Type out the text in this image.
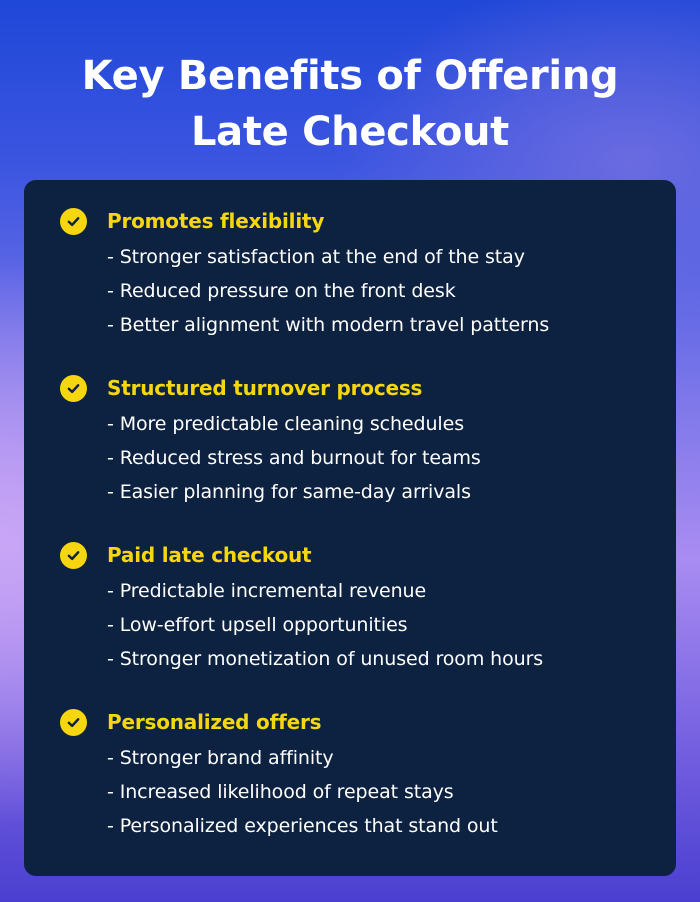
Key Benefits of Offering
Late Checkout
Promotes flexibility
- Stronger satisfaction at the end of the stay
- Reduced pressure on the front desk
- Better alignment with modern travel patterns
Structured turnover process
- More predictable cleaning schedules
- Reduced stress and burnout for teams
- Easier planning for same-day arrivals
Paid late checkout
- Predictable incremental revenue
- Low-effort upsell opportunities
- Stronger monetization of unused room hours
Personalized offers
- Stronger brand affinity
- Increased likelihood of repeat stays
- Personalized experiences that stand out
